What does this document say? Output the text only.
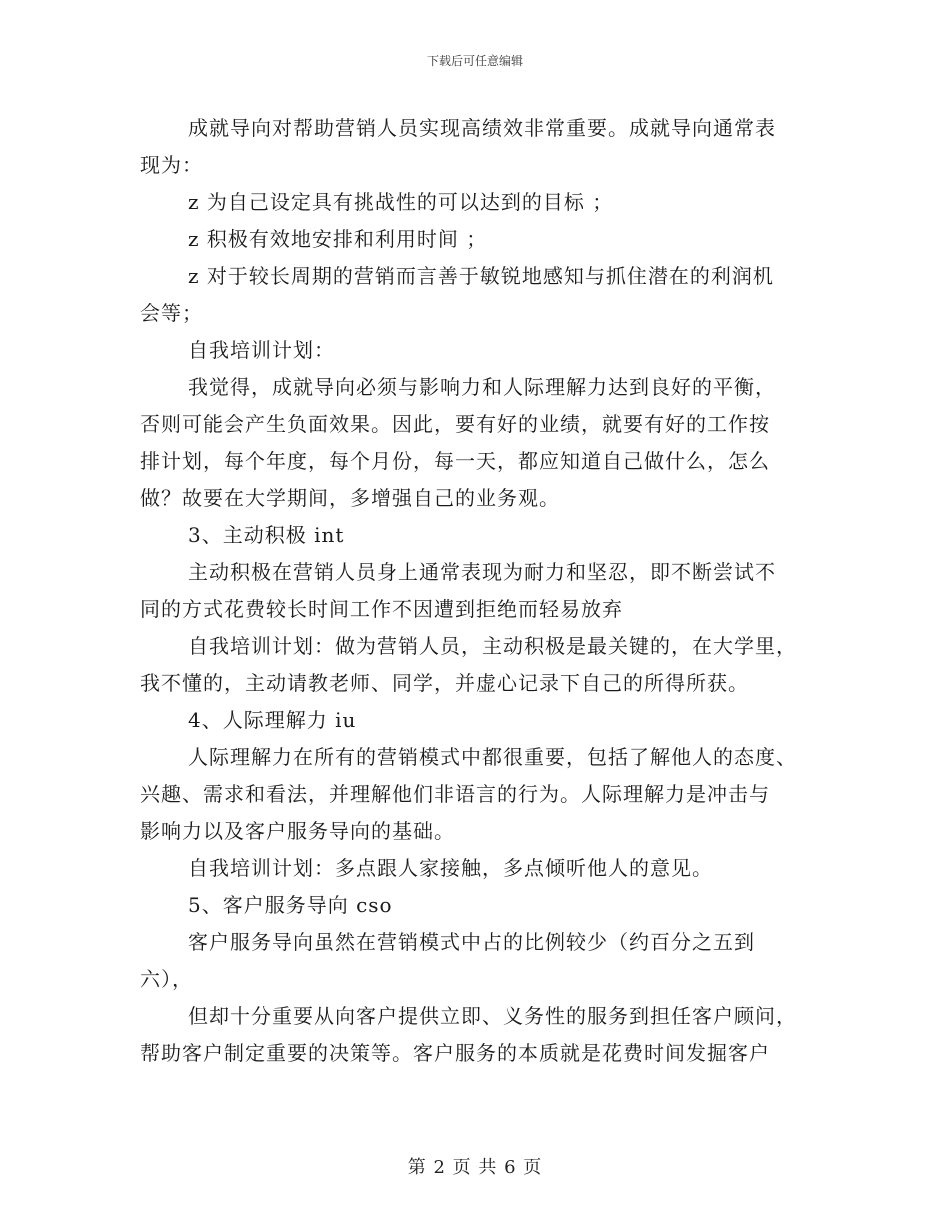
下载后可任意编辑
成就导向对帮助营销人员实现高绩效非常重要。成就导向通常表
现为：
z 为自己设定具有挑战性的可以达到的目标 ；
z 积极有效地安排和利用时间 ；
z 对于较长周期的营销而言善于敏锐地感知与抓住潜在的利润机
会等；
自我培训计划：
我觉得，成就导向必须与影响力和人际理解力达到良好的平衡，
否则可能会产生负面效果。因此，要有好的业绩，就要有好的工作按
排计划，每个年度，每个月份，每一天，都应知道自己做什么，怎么
做？故要在大学期间，多增强自己的业务观。
3、主动积极 int
主动积极在营销人员身上通常表现为耐力和坚忍，即不断尝试不
同的方式花费较长时间工作不因遭到拒绝而轻易放弃
自我培训计划：做为营销人员，主动积极是最关键的，在大学里，
我不懂的，主动请教老师、同学，并虚心记录下自己的所得所获。
4、人际理解力 iu
人际理解力在所有的营销模式中都很重要，包括了解他人的态度、
兴趣、需求和看法，并理解他们非语言的行为。人际理解力是冲击与
影响力以及客户服务导向的基础。
自我培训计划：多点跟人家接触，多点倾听他人的意见。
5、客户服务导向 cso
客户服务导向虽然在营销模式中占的比例较少（约百分之五到
六），
但却十分重要从向客户提供立即、义务性的服务到担任客户顾问，
帮助客户制定重要的决策等。客户服务的本质就是花费时间发掘客户
第 2 页 共 6 页
